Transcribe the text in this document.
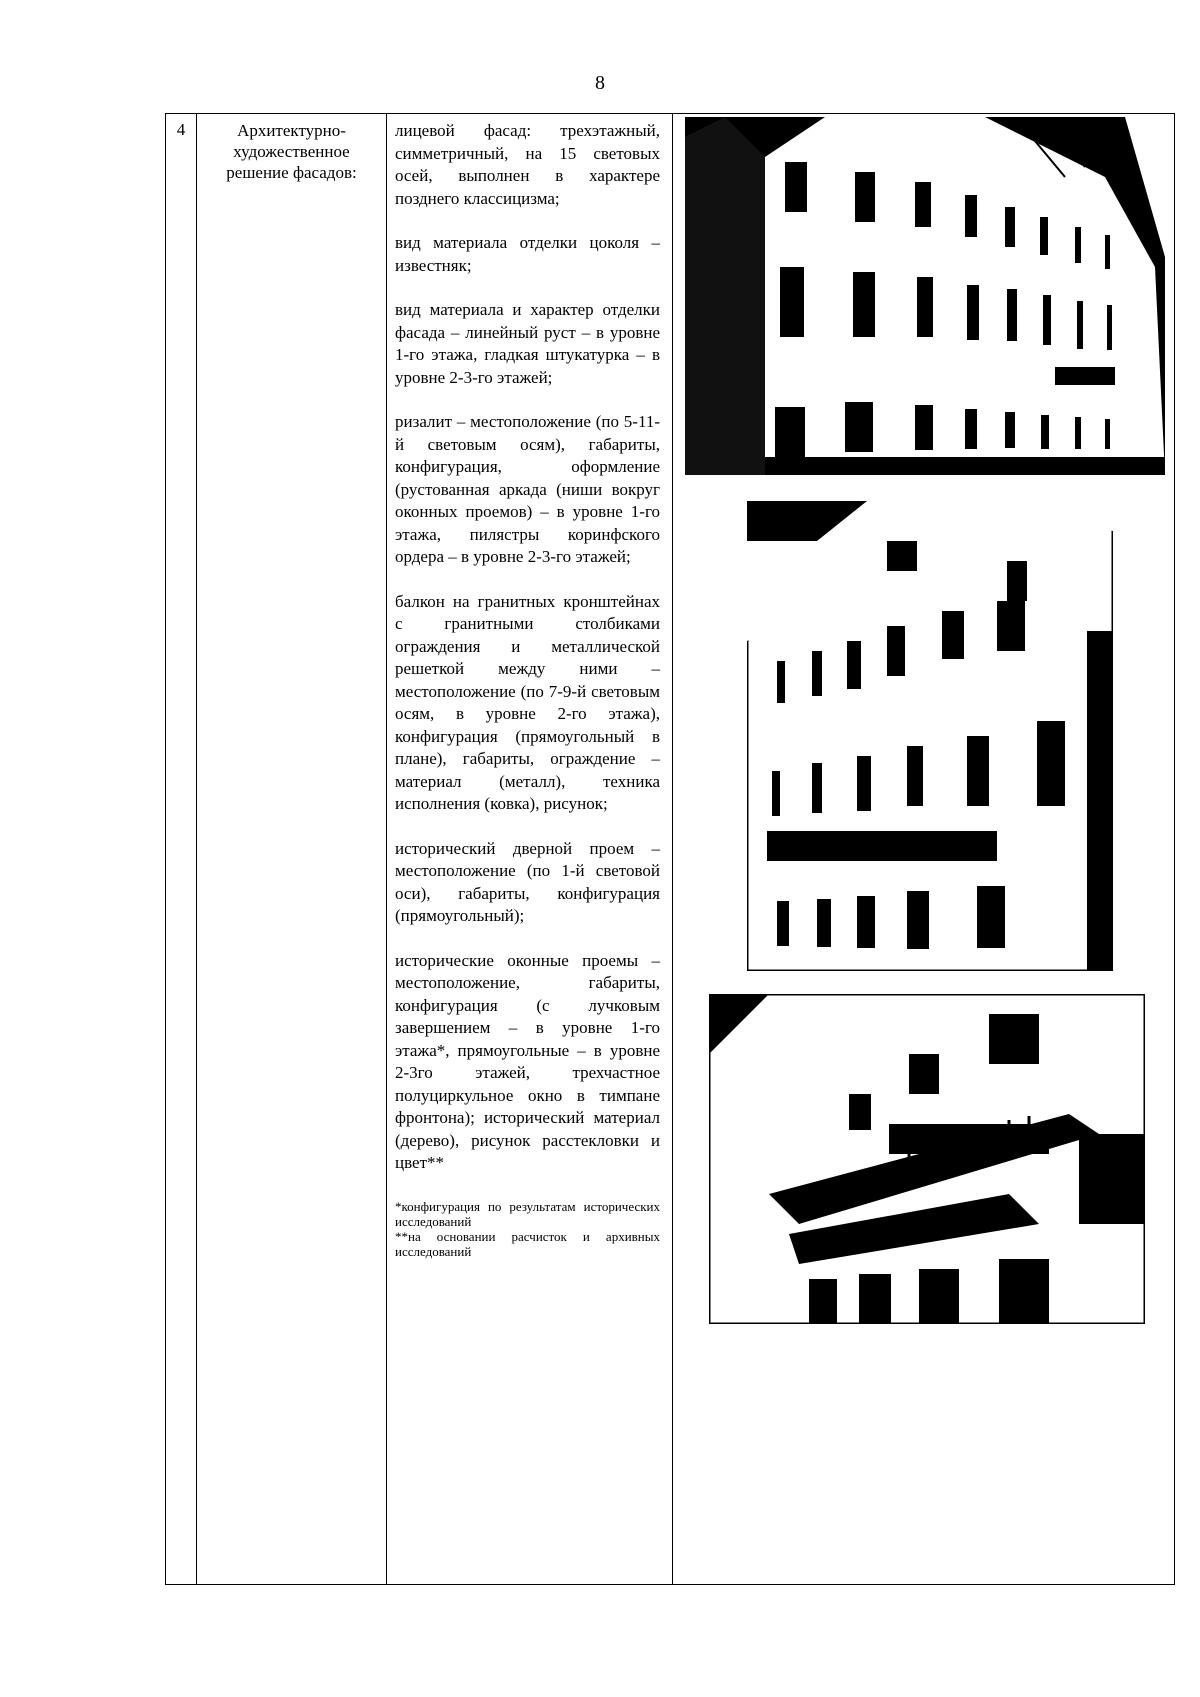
8
4	Архитектурно-художественное решение фасадов:	

лицевой фасад: трехэтажный, симметричный, на 15 световых осей, выполнен в характере позднего классицизма;

вид материала отделки цоколя – известняк;

вид материала и характер отделки фасада – линейный руст – в уровне 1-го этажа, гладкая штукатурка – в уровне 2-3-го этажей;

ризалит – местоположение (по 5-11-й световым осям), габариты, конфигурация, оформление (рустованная аркада (ниши вокруг оконных проемов) – в уровне 1-го этажа, пилястры коринфского ордера – в уровне 2-3-го этажей;

балкон на гранитных кронштейнах с гранитными столбиками ограждения и металлической решеткой между ними – местоположение (по 7-9-й световым осям, в уровне 2-го этажа), конфигурация (прямоугольный в плане), габариты, ограждение – материал (металл), техника исполнения (ковка), рисунок;

исторический дверной проем – местоположение (по 1-й световой оси), габариты, конфигурация (прямоугольный);

исторические оконные проемы – местоположение, габариты, конфигурация (с лучковым завершением – в уровне 1-го этажа*, прямоугольные – в уровне 2-3го этажей, трехчастное полуциркульное окно в тимпане фронтона); исторический материал (дерево), рисунок расстекловки и цвет**

*конфигурация по результатам исторических исследований

**на основании расчисток и архивных исследований
